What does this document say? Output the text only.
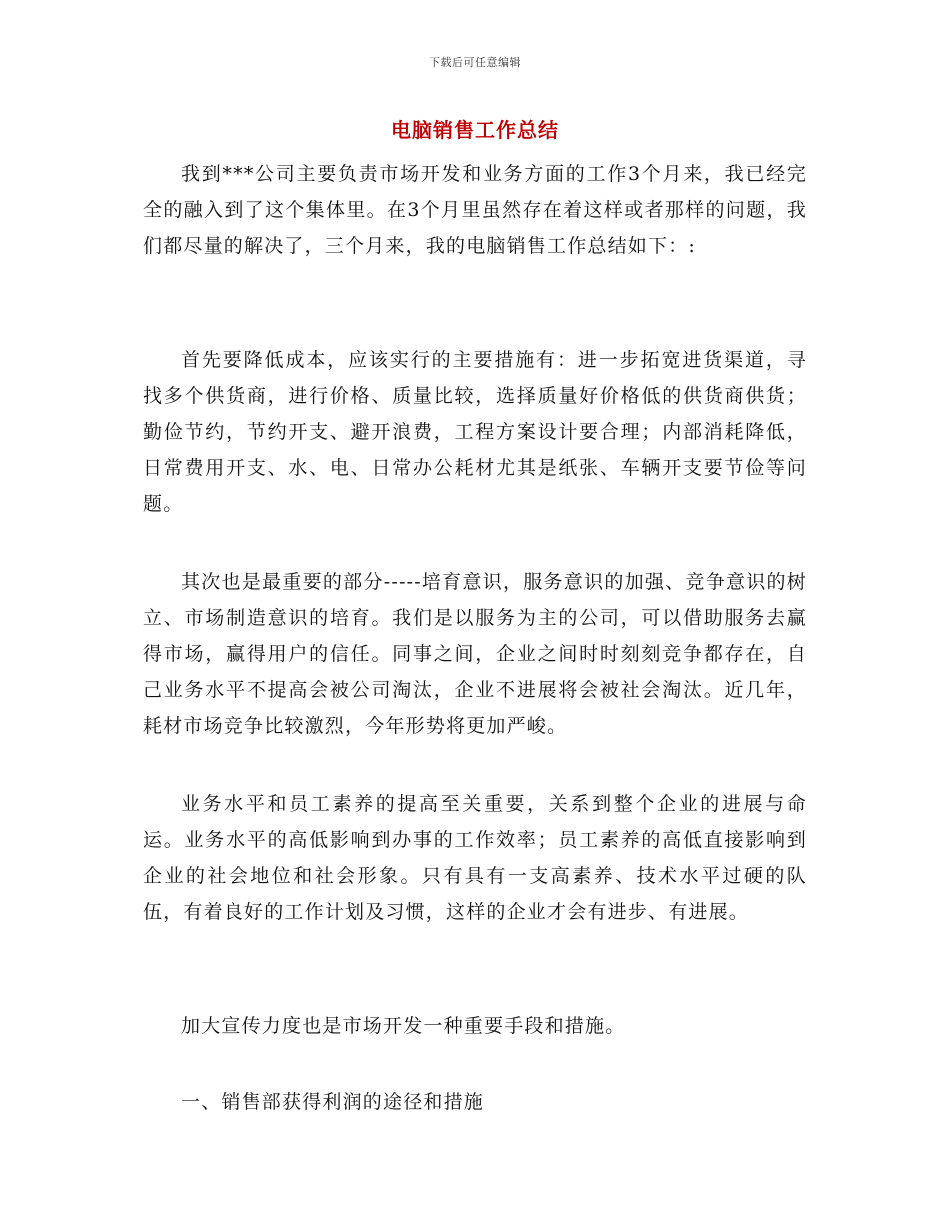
下载后可任意编辑
电脑销售工作总结

我到***公司主要负责市场开发和业务方面的工作3个月来，我已经完全的融入到了这个集体里。在3个月里虽然存在着这样或者那样的问题，我们都尽量的解决了，三个月来，我的电脑销售工作总结如下：:

首先要降低成本，应该实行的主要措施有：进一步拓宽进货渠道，寻找多个供货商，进行价格、质量比较，选择质量好价格低的供货商供货；勤俭节约，节约开支、避开浪费，工程方案设计要合理；内部消耗降低，日常费用开支、水、电、日常办公耗材尤其是纸张、车辆开支要节俭等问题。

其次也是最重要的部分-----培育意识，服务意识的加强、竞争意识的树立、市场制造意识的培育。我们是以服务为主的公司，可以借助服务去赢得市场，赢得用户的信任。同事之间，企业之间时时刻刻竞争都存在，自己业务水平不提高会被公司淘汰，企业不进展将会被社会淘汰。近几年，耗材市场竞争比较激烈，今年形势将更加严峻。

业务水平和员工素养的提高至关重要，关系到整个企业的进展与命运。业务水平的高低影响到办事的工作效率；员工素养的高低直接影响到企业的社会地位和社会形象。只有具有一支高素养、技术水平过硬的队伍，有着良好的工作计划及习惯，这样的企业才会有进步、有进展。

加大宣传力度也是市场开发一种重要手段和措施。

一、销售部获得利润的途径和措施
